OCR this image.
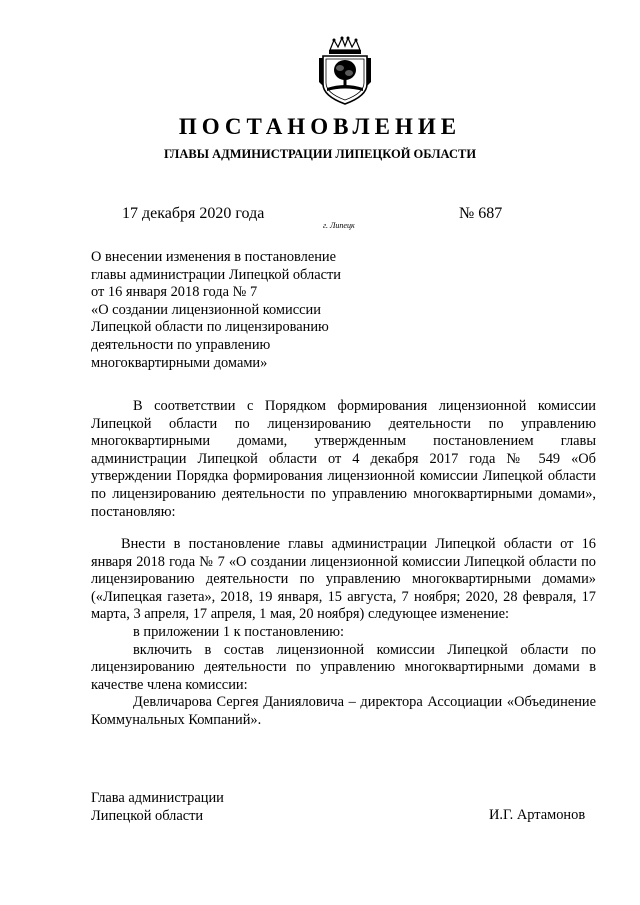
ПОСТАНОВЛЕНИЕ
ГЛАВЫ АДМИНИСТРАЦИИ ЛИПЕЦКОЙ ОБЛАСТИ
17 декабря 2020 года
г. Липецк
№ 687
О внесении изменения в постановление
главы администрации Липецкой области
от 16 января 2018 года № 7
«О создании лицензионной комиссии
Липецкой области по лицензированию
деятельности по управлению
многоквартирными домами»
В соответствии с Порядком формирования лицензионной комиссии Липецкой области по лицензированию деятельности по управлению многоквартирными домами, утвержденным постановлением главы администрации Липецкой области от 4 декабря 2017 года № 549 «Об утверждении Порядка формирования лицензионной комиссии Липецкой области по лицензированию деятельности по управлению многоквартирными домами», постановляю:
Внести в постановление главы администрации Липецкой области от 16 января 2018 года № 7 «О создании лицензионной комиссии Липецкой области по лицензированию деятельности по управлению многоквартирными домами» («Липецкая газета», 2018, 19 января, 15 августа, 7 ноября; 2020, 28 февраля, 17 марта, 3 апреля, 17 апреля, 1 мая, 20 ноября) следующее изменение:
в приложении 1 к постановлению:
включить в состав лицензионной комиссии Липецкой области по лицензированию деятельности по управлению многоквартирными домами в качестве члена комиссии:
Девличарова Сергея Данияловича – директора Ассоциации «Объединение Коммунальных Компаний».
Глава администрации
Липецкой области	И.Г. Артамонов
